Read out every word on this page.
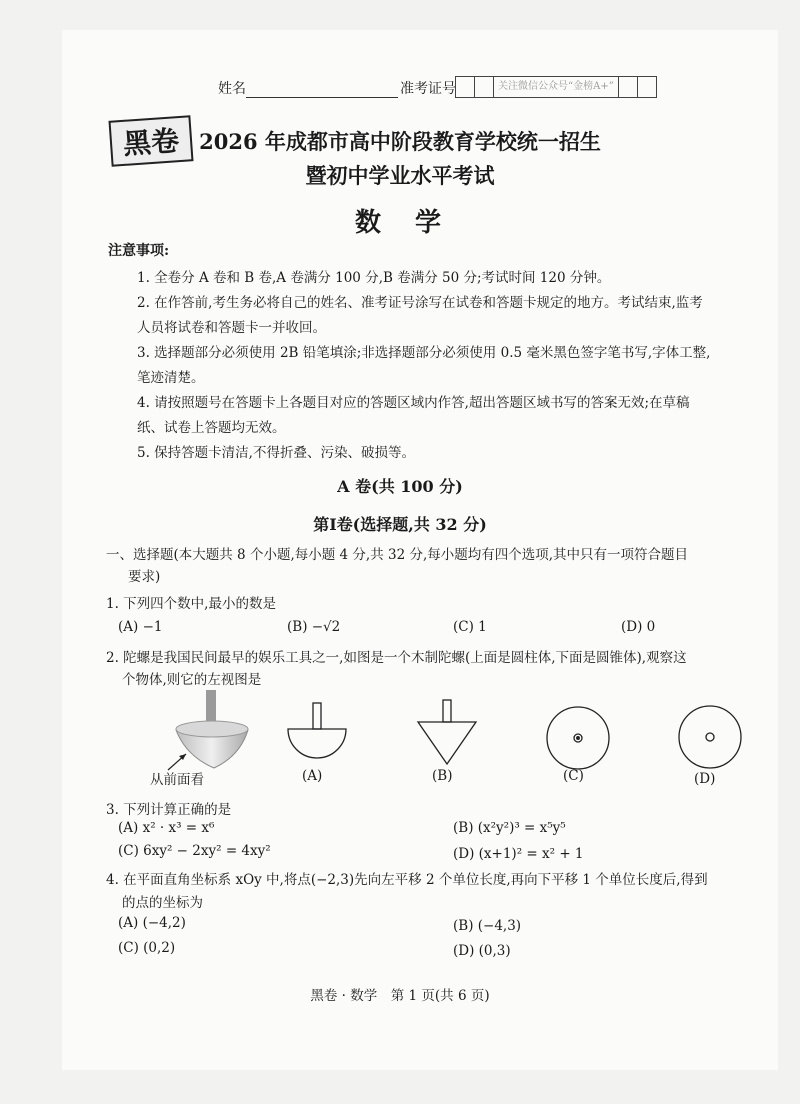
姓名	准考证号	关注微信公众号“金榜A+”
黑卷 2026 年成都市高中阶段教育学校统一招生
暨初中学业水平考试
数　学
注意事项:
1. 全卷分 A 卷和 B 卷,A 卷满分 100 分,B 卷满分 50 分;考试时间 120 分钟。
2. 在作答前,考生务必将自己的姓名、准考证号涂写在试卷和答题卡规定的地方。考试结束,监考
人员将试卷和答题卡一并收回。
3. 选择题部分必须使用 2B 铅笔填涂;非选择题部分必须使用 0.5 毫米黑色签字笔书写,字体工整,
笔迹清楚。
4. 请按照题号在答题卡上各题目对应的答题区域内作答,超出答题区域书写的答案无效;在草稿
纸、试卷上答题均无效。
5. 保持答题卡清洁,不得折叠、污染、破损等。
A 卷(共 100 分)
第Ⅰ卷(选择题,共 32 分)
一、选择题(本大题共 8 个小题,每小题 4 分,共 32 分,每小题均有四个选项,其中只有一项符合题目
要求)
1. 下列四个数中,最小的数是
(A) −1	(B) −√2	(C) 1	(D) 0
2. 陀螺是我国民间最早的娱乐工具之一,如图是一个木制陀螺(上面是圆柱体,下面是圆锥体),观察这
个物体,则它的左视图是
从前面看	(A)	(B)	(C)	(D)
3. 下列计算正确的是
(A) x² · x³ = x⁶	(B) (x²y²)³ = x⁵y⁵
(C) 6xy² − 2xy² = 4xy²	(D) (x+1)² = x² + 1
4. 在平面直角坐标系 xOy 中,将点(−2,3)先向左平移 2 个单位长度,再向下平移 1 个单位长度后,得到
的点的坐标为
(A) (−4,2)	(B) (−4,3)
(C) (0,2)	(D) (0,3)
黑卷 · 数学　第 1 页(共 6 页)
